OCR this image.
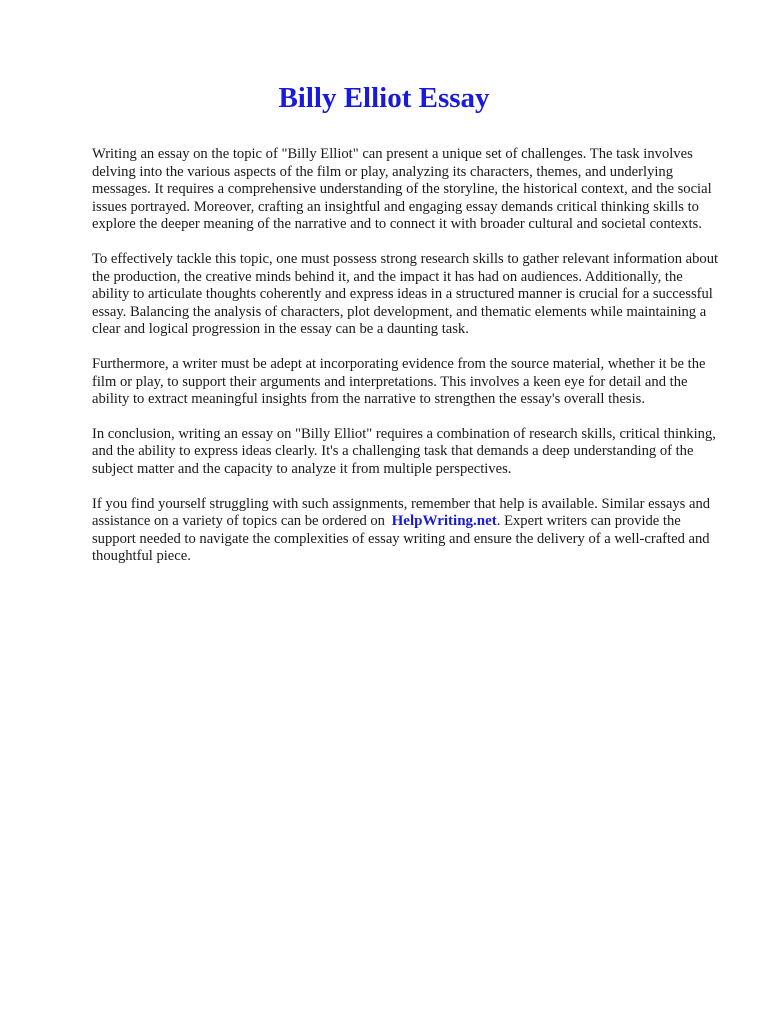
Billy Elliot Essay

Writing an essay on the topic of "Billy Elliot" can present a unique set of challenges. The task involves delving into the various aspects of the film or play, analyzing its characters, themes, and underlying messages. It requires a comprehensive understanding of the storyline, the historical context, and the social issues portrayed. Moreover, crafting an insightful and engaging essay demands critical thinking skills to explore the deeper meaning of the narrative and to connect it with broader cultural and societal contexts.

To effectively tackle this topic, one must possess strong research skills to gather relevant information about the production, the creative minds behind it, and the impact it has had on audiences. Additionally, the ability to articulate thoughts coherently and express ideas in a structured manner is crucial for a successful essay. Balancing the analysis of characters, plot development, and thematic elements while maintaining a clear and logical progression in the essay can be a daunting task.

Furthermore, a writer must be adept at incorporating evidence from the source material, whether it be the film or play, to support their arguments and interpretations. This involves a keen eye for detail and the ability to extract meaningful insights from the narrative to strengthen the essay's overall thesis.

In conclusion, writing an essay on "Billy Elliot" requires a combination of research skills, critical thinking, and the ability to express ideas clearly. It's a challenging task that demands a deep understanding of the subject matter and the capacity to analyze it from multiple perspectives.

If you find yourself struggling with such assignments, remember that help is available. Similar essays and assistance on a variety of topics can be ordered on HelpWriting.net. Expert writers can provide the support needed to navigate the complexities of essay writing and ensure the delivery of a well-crafted and thoughtful piece.
